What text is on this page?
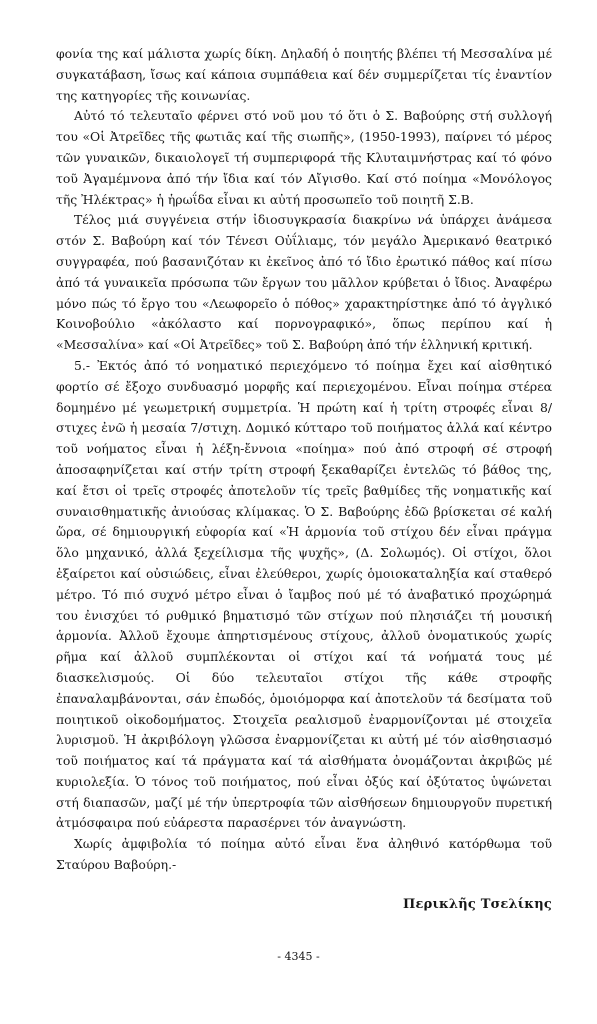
φονία της καί μάλιστα χωρίς δίκη. Δηλαδή ὁ ποιητής βλέπει τή Μεσσαλίνα μέ συγκατάβαση, ἴσως καί κάποια συμπάθεια καί δέν συμμερίζεται τίς ἐναντίον της κατηγορίες τῆς κοινωνίας.

Αὐτό τό τελευταῖο φέρνει στό νοῦ μου τό ὅτι ὁ Σ. Βαβούρης στή συλλογή του «Οἱ Ἀτρεῖδες τῆς φωτιᾶς καί τῆς σιωπῆς», (1950-1993), παίρνει τό μέρος τῶν γυναικῶν, δικαιολογεῖ τή συμπεριφορά τῆς Κλυταιμνήστρας καί τό φόνο τοῦ Ἀγαμέμνονα ἀπό τήν ἴδια καί τόν Αἴγισθο. Καί στό ποίημα «Μονόλογος τῆς Ἠλέκτρας» ἡ ἡρωΐδα εἶναι κι αὐτή προσωπεῖο τοῦ ποιητῆ Σ.Β.

Τέλος μιά συγγένεια στήν ἰδιοσυγκρασία διακρίνω νά ὑπάρχει ἀνάμεσα στόν Σ. Βαβούρη καί τόν Τένεσι Οὐΐλιαμς, τόν μεγάλο Ἀμερικανό θεατρικό συγγραφέα, πού βασανιζόταν κι ἐκεῖνος ἀπό τό ἴδιο ἐρωτικό πάθος καί πίσω ἀπό τά γυναικεῖα πρόσωπα τῶν ἔργων του μᾶλλον κρύβεται ὁ ἴδιος. Ἀναφέρω μόνο πώς τό ἔργο του «Λεωφορεῖο ὁ πόθος» χαρακτηρίστηκε ἀπό τό ἀγγλικό Κοινοβούλιο «ἀκόλαστο καί πορνογραφικό», ὅπως περίπου καί ἡ «Μεσσαλίνα» καί «Οἱ Ἀτρεῖδες» τοῦ Σ. Βαβούρη ἀπό τήν ἑλληνική κριτική.

5.- Ἐκτός ἀπό τό νοηματικό περιεχόμενο τό ποίημα ἔχει καί αἰσθητικό φορτίο σέ ἔξοχο συνδυασμό μορφῆς καί περιεχομένου. Εἶναι ποίημα στέρεα δομημένο μέ γεωμετρική συμμετρία. Ἡ πρώτη καί ἡ τρίτη στροφές εἶναι 8/στιχες ἐνῶ ἡ μεσαία 7/στιχη. Δομικό κύτταρο τοῦ ποιήματος ἀλλά καί κέντρο τοῦ νοήματος εἶναι ἡ λέξη-ἔννοια «ποίημα» πού ἀπό στροφή σέ στροφή ἀποσαφηνίζεται καί στήν τρίτη στροφή ξεκαθαρίζει ἐντελῶς τό βάθος της, καί ἔτσι οἱ τρεῖς στροφές ἀποτελοῦν τίς τρεῖς βαθμίδες τῆς νοηματικῆς καί συναισθηματικῆς ἀνιούσας κλίμακας. Ὁ Σ. Βαβούρης ἐδῶ βρίσκεται σέ καλή ὥρα, σέ δημιουργική εὐφορία καί «Ἡ ἁρμονία τοῦ στίχου δέν εἶναι πράγμα ὅλο μηχανικό, ἀλλά ξεχείλισμα τῆς ψυχῆς», (Δ. Σολωμός). Οἱ στίχοι, ὅλοι ἐξαίρετοι καί οὐσιώδεις, εἶναι ἐλεύθεροι, χωρίς ὁμοιοκαταληξία καί σταθερό μέτρο. Τό πιό συχνό μέτρο εἶναι ὁ ἴαμβος πού μέ τό ἀναβατικό προχώρημά του ἐνισχύει τό ρυθμικό βηματισμό τῶν στίχων πού πλησιάζει τή μουσική ἁρμονία. Ἀλλοῦ ἔχουμε ἀπηρτισμένους στίχους, ἀλλοῦ ὀνοματικούς χωρίς ρῆμα καί ἀλλοῦ συμπλέκονται οἱ στίχοι καί τά νοήματά τους μέ διασκελισμούς. Οἱ δύο τελευταῖοι στίχοι τῆς κάθε στροφῆς ἐπαναλαμβάνονται, σάν ἐπωδός, ὁμοιόμορφα καί ἀποτελοῦν τά δεσίματα τοῦ ποιητικοῦ οἰκοδομήματος. Στοιχεῖα ρεαλισμοῦ ἐναρμονίζονται μέ στοιχεῖα λυρισμοῦ. Ἡ ἀκριβόλογη γλῶσσα ἐναρμονίζεται κι αὐτή μέ τόν αἰσθησιασμό τοῦ ποιήματος καί τά πράγματα καί τά αἰσθήματα ὀνομάζονται ἀκριβῶς μέ κυριολεξία. Ὁ τόνος τοῦ ποιήματος, πού εἶναι ὀξύς καί ὀξύτατος ὑψώνεται στή διαπασῶν, μαζί μέ τήν ὑπερτροφία τῶν αἰσθήσεων δημιουργοῦν πυρετική ἀτμόσφαιρα πού εὐάρεστα παρασέρνει τόν ἀναγνώστη.

Χωρίς ἀμφιβολία τό ποίημα αὐτό εἶναι ἕνα ἀληθινό κατόρθωμα τοῦ Σταύρου Βαβούρη.-

Περικλῆς Τσελίκης
- 4345 -
